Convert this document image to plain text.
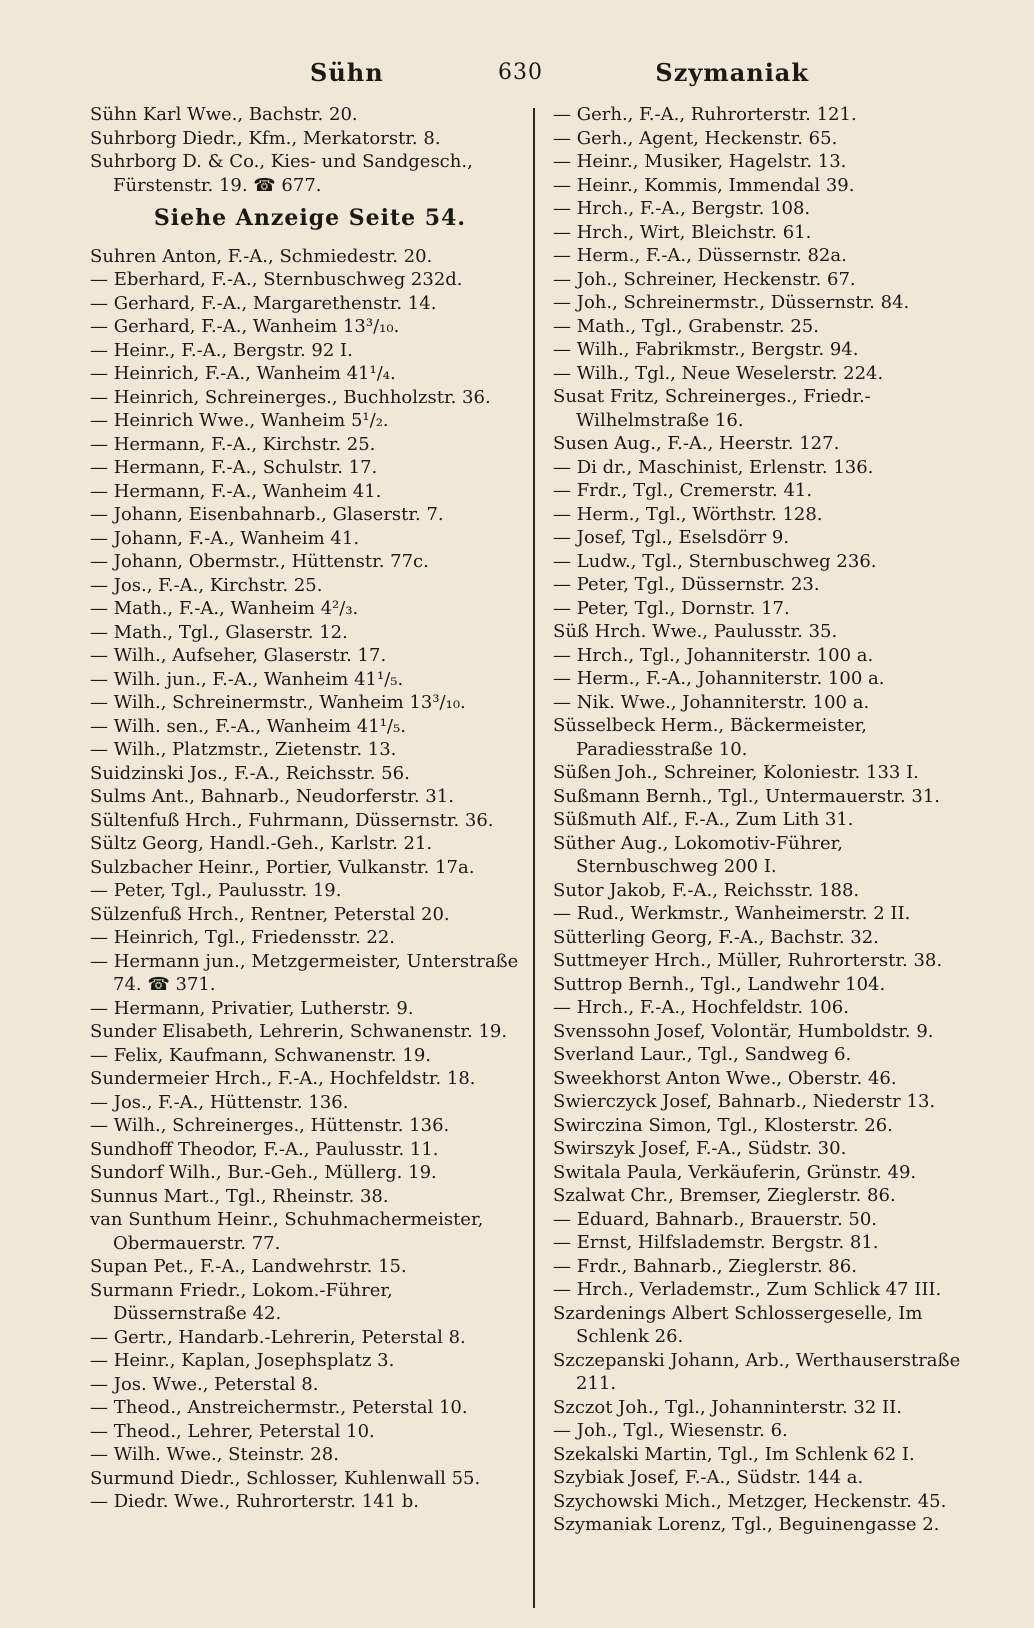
Sühn	630	Szymaniak
Sühn Karl Wwe., Bachstr. 20.
Suhrborg Diedr., Kfm., Merkatorstr. 8.
Suhrborg D. & Co., Kies- und Sandgesch., Fürstenstr. 19. ☎ 677.
Siehe Anzeige Seite 54.
Suhren Anton, F.-A., Schmiedestr. 20.
— Eberhard, F.-A., Sternbuschweg 232d.
— Gerhard, F.-A., Margarethenstr. 14.
— Gerhard, F.-A., Wanheim 13³/₁₀.
— Heinr., F.-A., Bergstr. 92 I.
— Heinrich, F.-A., Wanheim 41¹/₄.
— Heinrich, Schreinerges., Buchholzstr. 36.
— Heinrich Wwe., Wanheim 5¹/₂.
— Hermann, F.-A., Kirchstr. 25.
— Hermann, F.-A., Schulstr. 17.
— Hermann, F.-A., Wanheim 41.
— Johann, Eisenbahnarb., Glaserstr. 7.
— Johann, F.-A., Wanheim 41.
— Johann, Obermstr., Hüttenstr. 77c.
— Jos., F.-A., Kirchstr. 25.
— Math., F.-A., Wanheim 4²/₃.
— Math., Tgl., Glaserstr. 12.
— Wilh., Aufseher, Glaserstr. 17.
— Wilh. jun., F.-A., Wanheim 41¹/₅.
— Wilh., Schreinermstr., Wanheim 13³/₁₀.
— Wilh. sen., F.-A., Wanheim 41¹/₅.
— Wilh., Platzmstr., Zietenstr. 13.
Suidzinski Jos., F.-A., Reichsstr. 56.
Sulms Ant., Bahnarb., Neudorferstr. 31.
Sültenfuß Hrch., Fuhrmann, Düssernstr. 36.
Sültz Georg, Handl.-Geh., Karlstr. 21.
Sulzbacher Heinr., Portier, Vulkanstr. 17a.
— Peter, Tgl., Paulusstr. 19.
Sülzenfuß Hrch., Rentner, Peterstal 20.
— Heinrich, Tgl., Friedensstr. 22.
— Hermann jun., Metzgermeister, Unterstraße 74. ☎ 371.
— Hermann, Privatier, Lutherstr. 9.
Sunder Elisabeth, Lehrerin, Schwanenstr. 19.
— Felix, Kaufmann, Schwanenstr. 19.
Sundermeier Hrch., F.-A., Hochfeldstr. 18.
— Jos., F.-A., Hüttenstr. 136.
— Wilh., Schreinerges., Hüttenstr. 136.
Sundhoff Theodor, F.-A., Paulusstr. 11.
Sundorf Wilh., Bur.-Geh., Müllerg. 19.
Sunnus Mart., Tgl., Rheinstr. 38.
van Sunthum Heinr., Schuhmachermeister, Obermauerstr. 77.
Supan Pet., F.-A., Landwehrstr. 15.
Surmann Friedr., Lokom.-Führer, Düssernstraße 42.
— Gertr., Handarb.-Lehrerin, Peterstal 8.
— Heinr., Kaplan, Josephsplatz 3.
— Jos. Wwe., Peterstal 8.
— Theod., Anstreichermstr., Peterstal 10.
— Theod., Lehrer, Peterstal 10.
— Wilh. Wwe., Steinstr. 28.
Surmund Diedr., Schlosser, Kuhlenwall 55.
— Diedr. Wwe., Ruhrorterstr. 141 b.
— Gerh., F.-A., Ruhrorterstr. 121.
— Gerh., Agent, Heckenstr. 65.
— Heinr., Musiker, Hagelstr. 13.
— Heinr., Kommis, Immendal 39.
— Hrch., F.-A., Bergstr. 108.
— Hrch., Wirt, Bleichstr. 61.
— Herm., F.-A., Düssernstr. 82a.
— Joh., Schreiner, Heckenstr. 67.
— Joh., Schreinermstr., Düssernstr. 84.
— Math., Tgl., Grabenstr. 25.
— Wilh., Fabrikmstr., Bergstr. 94.
— Wilh., Tgl., Neue Weselerstr. 224.
Susat Fritz, Schreinerges., Friedr.-Wilhelmstraße 16.
Susen Aug., F.-A., Heerstr. 127.
— Di dr., Maschinist, Erlenstr. 136.
— Frdr., Tgl., Cremerstr. 41.
— Herm., Tgl., Wörthstr. 128.
— Josef, Tgl., Eselsdörr 9.
— Ludw., Tgl., Sternbuschweg 236.
— Peter, Tgl., Düssernstr. 23.
— Peter, Tgl., Dornstr. 17.
Süß Hrch. Wwe., Paulusstr. 35.
— Hrch., Tgl., Johanniterstr. 100 a.
— Herm., F.-A., Johanniterstr. 100 a.
— Nik. Wwe., Johanniterstr. 100 a.
Süsselbeck Herm., Bäckermeister, Paradiesstraße 10.
Süßen Joh., Schreiner, Koloniestr. 133 I.
Sußmann Bernh., Tgl., Untermauerstr. 31.
Süßmuth Alf., F.-A., Zum Lith 31.
Süther Aug., Lokomotiv-Führer, Sternbuschweg 200 I.
Sutor Jakob, F.-A., Reichsstr. 188.
— Rud., Werkmstr., Wanheimerstr. 2 II.
Sütterling Georg, F.-A., Bachstr. 32.
Suttmeyer Hrch., Müller, Ruhrorterstr. 38.
Suttrop Bernh., Tgl., Landwehr 104.
— Hrch., F.-A., Hochfeldstr. 106.
Svenssohn Josef, Volontär, Humboldstr. 9.
Sverland Laur., Tgl., Sandweg 6.
Sweekhorst Anton Wwe., Oberstr. 46.
Swierczyck Josef, Bahnarb., Niederstr 13.
Swirczina Simon, Tgl., Klosterstr. 26.
Swirszyk Josef, F.-A., Südstr. 30.
Switala Paula, Verkäuferin, Grünstr. 49.
Szalwat Chr., Bremser, Zieglerstr. 86.
— Eduard, Bahnarb., Brauerstr. 50.
— Ernst, Hilfslademstr. Bergstr. 81.
— Frdr., Bahnarb., Zieglerstr. 86.
— Hrch., Verlademstr., Zum Schlick 47 III.
Szardenings Albert Schlossergeselle, Im Schlenk 26.
Szczepanski Johann, Arb., Werthauserstraße 211.
Szczot Joh., Tgl., Johanninterstr. 32 II.
— Joh., Tgl., Wiesenstr. 6.
Szekalski Martin, Tgl., Im Schlenk 62 I.
Szybiak Josef, F.-A., Südstr. 144 a.
Szychowski Mich., Metzger, Heckenstr. 45.
Szymaniak Lorenz, Tgl., Beguinengasse 2.
